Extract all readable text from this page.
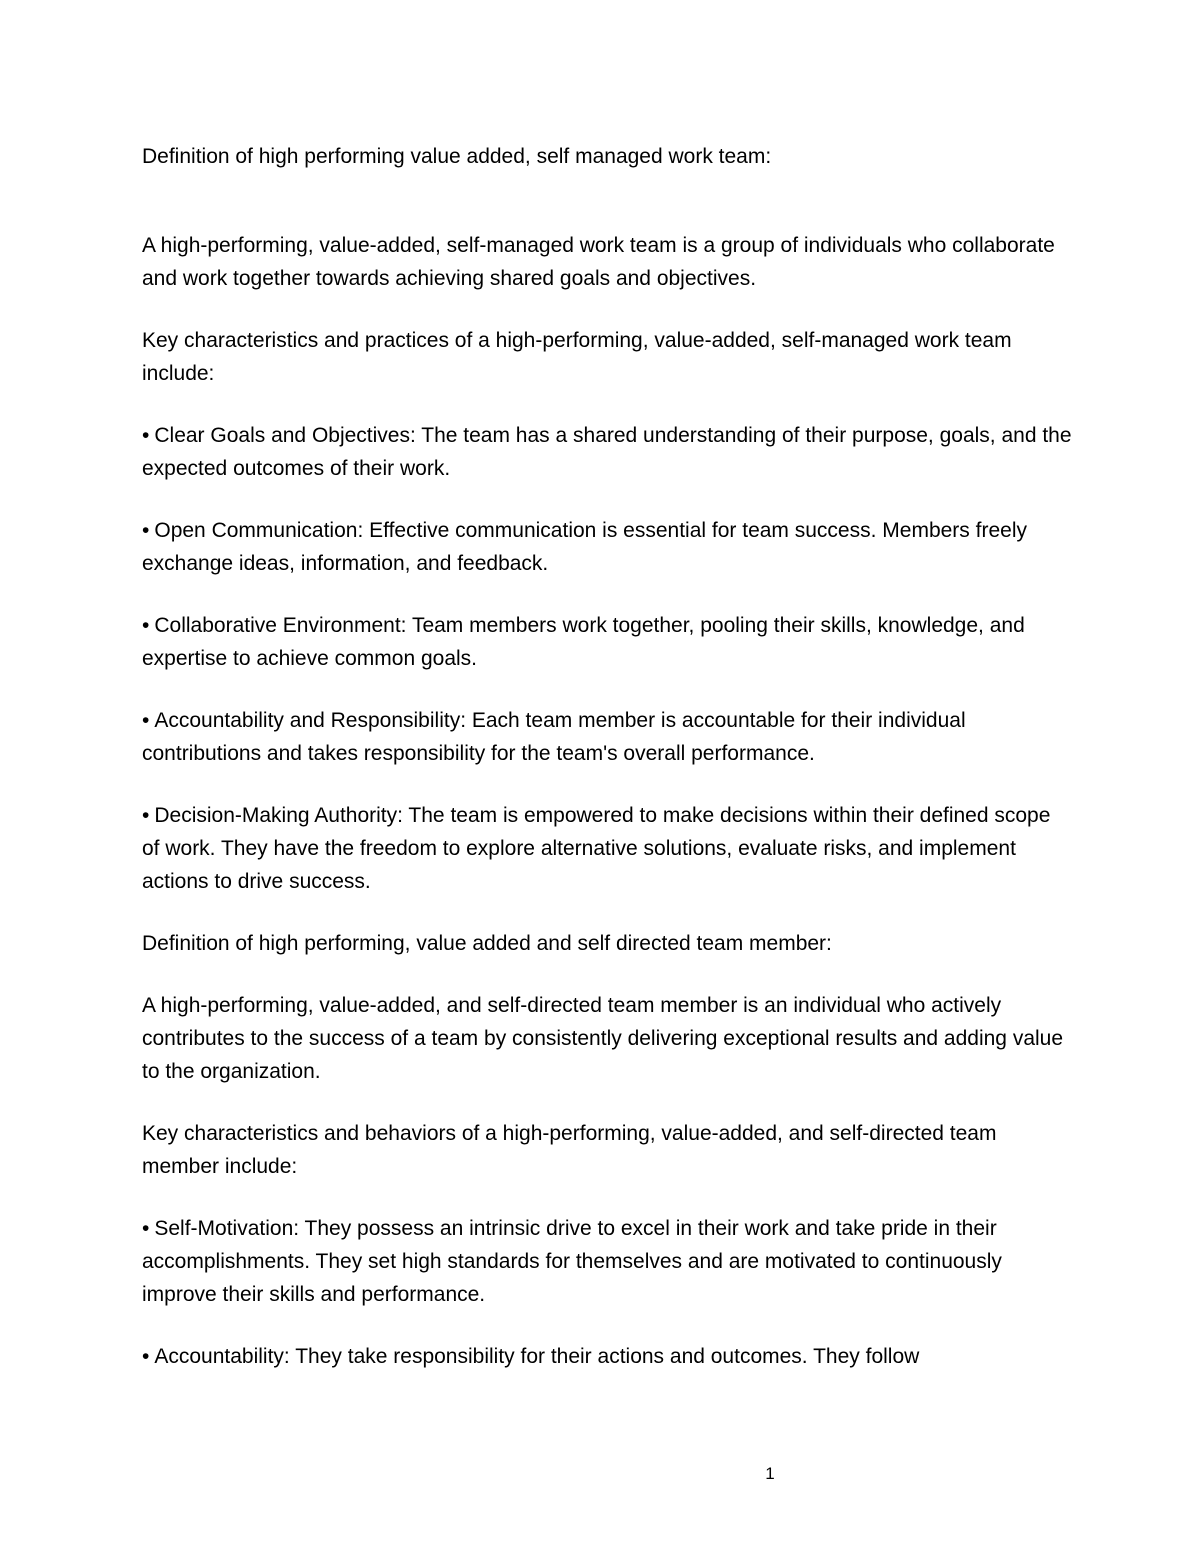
Definition of high performing value added, self managed work team:

A high-performing, value-added, self-managed work team is a group of individuals who collaborate and work together towards achieving shared goals and objectives.

Key characteristics and practices of a high-performing, value-added, self-managed work team include:

• Clear Goals and Objectives: The team has a shared understanding of their purpose, goals, and the expected outcomes of their work.

• Open Communication: Effective communication is essential for team success. Members freely exchange ideas, information, and feedback.

• Collaborative Environment: Team members work together, pooling their skills, knowledge, and expertise to achieve common goals.

• Accountability and Responsibility: Each team member is accountable for their individual contributions and takes responsibility for the team's overall performance.

• Decision-Making Authority: The team is empowered to make decisions within their defined scope of work. They have the freedom to explore alternative solutions, evaluate risks, and implement actions to drive success.

Definition of high performing, value added and self directed team member:

A high-performing, value-added, and self-directed team member is an individual who actively contributes to the success of a team by consistently delivering exceptional results and adding value to the organization.

Key characteristics and behaviors of a high-performing, value-added, and self-directed team member include:

• Self-Motivation: They possess an intrinsic drive to excel in their work and take pride in their accomplishments. They set high standards for themselves and are motivated to continuously improve their skills and performance.

• Accountability: They take responsibility for their actions and outcomes. They follow

1
